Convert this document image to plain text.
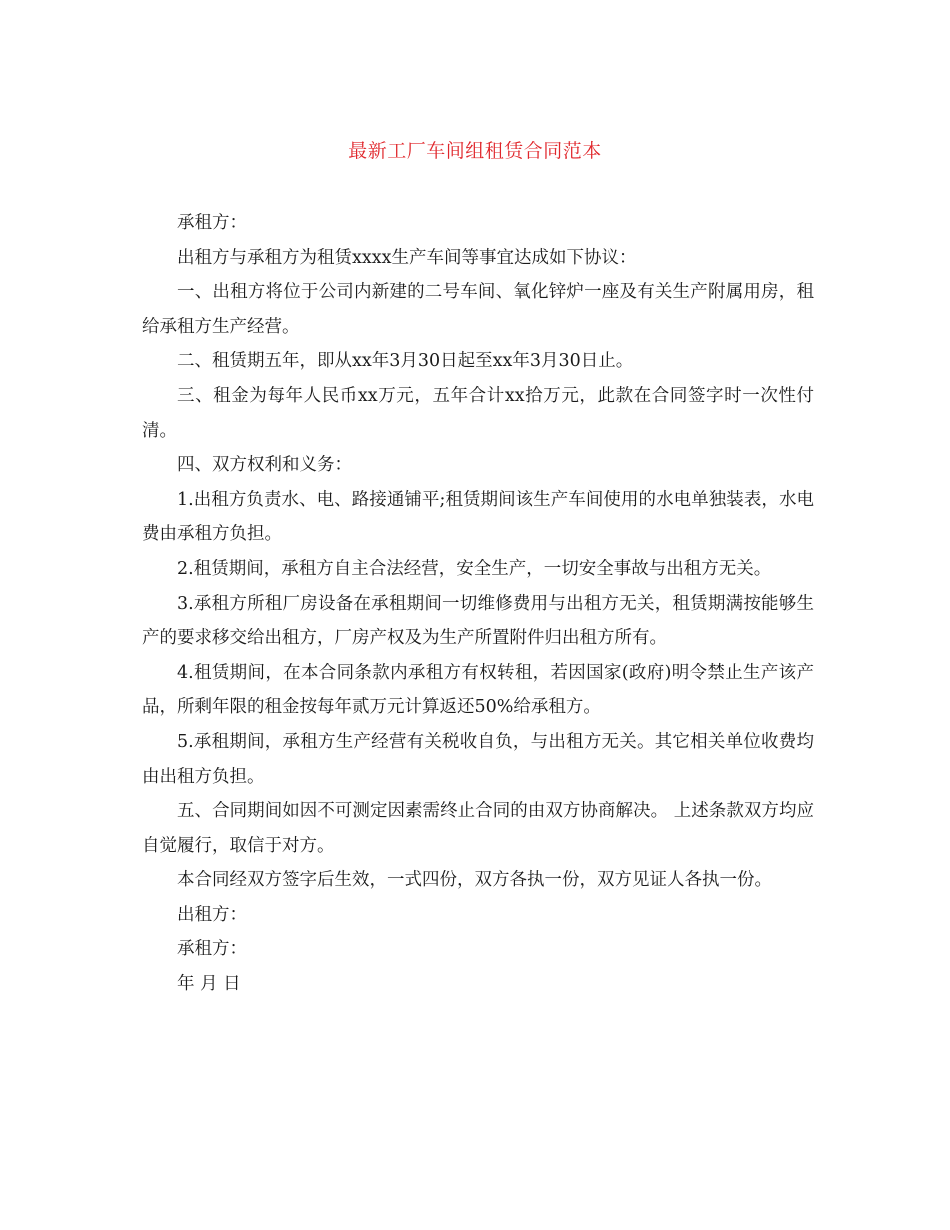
最新工厂车间组租赁合同范本

承租方：

出租方与承租方为租赁xxxx生产车间等事宜达成如下协议：

一、出租方将位于公司内新建的二号车间、氧化锌炉一座及有关生产附属用房，租给承租方生产经营。

二、租赁期五年，即从xx年3月30日起至xx年3月30日止。

三、租金为每年人民币xx万元，五年合计xx拾万元，此款在合同签字时一次性付清。

四、双方权利和义务：

1.出租方负责水、电、路接通铺平;租赁期间该生产车间使用的水电单独装表，水电费由承租方负担。

2.租赁期间，承租方自主合法经营，安全生产，一切安全事故与出租方无关。

3.承租方所租厂房设备在承租期间一切维修费用与出租方无关，租赁期满按能够生产的要求移交给出租方，厂房产权及为生产所置附件归出租方所有。

4.租赁期间，在本合同条款内承租方有权转租，若因国家(政府)明令禁止生产该产品，所剩年限的租金按每年贰万元计算返还50%给承租方。

5.承租期间，承租方生产经营有关税收自负，与出租方无关。其它相关单位收费均由出租方负担。

五、合同期间如因不可测定因素需终止合同的由双方协商解决。 上述条款双方均应自觉履行，取信于对方。

本合同经双方签字后生效，一式四份，双方各执一份，双方见证人各执一份。

出租方：

承租方：

年 月 日
